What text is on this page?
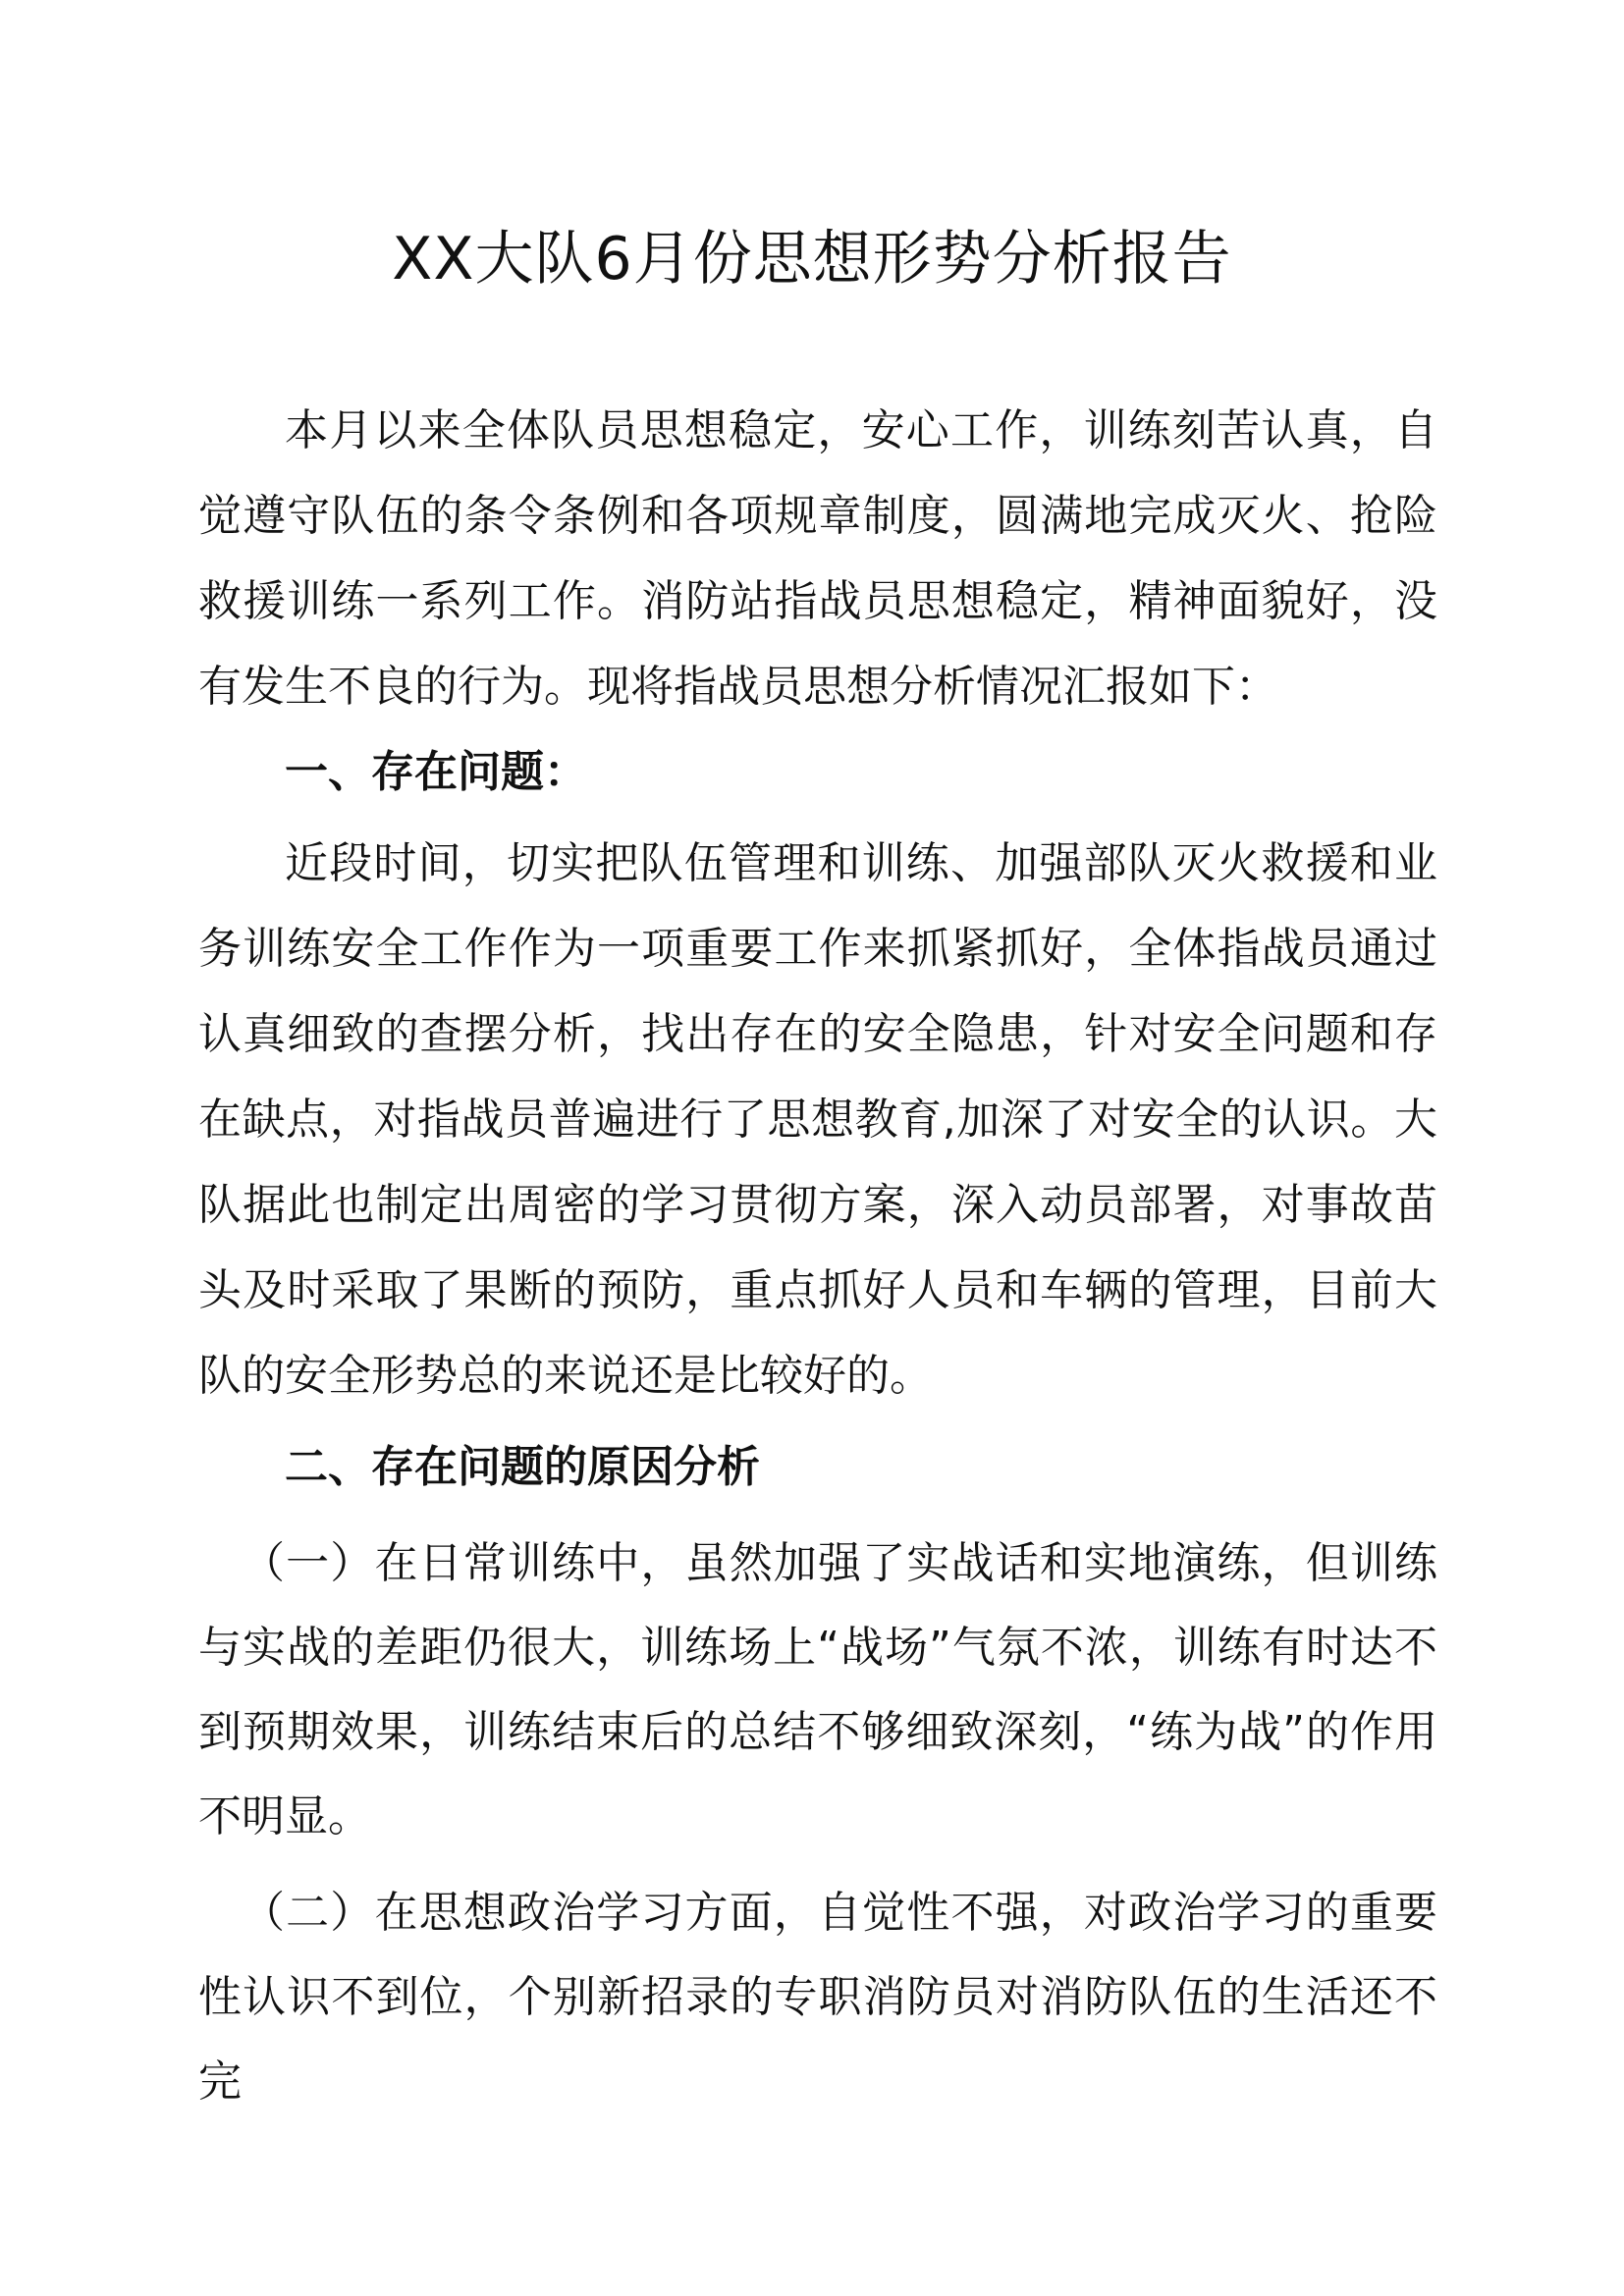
XX大队6月份思想形势分析报告

本月以来全体队员思想稳定，安心工作，训练刻苦认真，自觉遵守队伍的条令条例和各项规章制度，圆满地完成灭火、抢险救援训练一系列工作。消防站指战员思想稳定，精神面貌好，没有发生不良的行为。现将指战员思想分析情况汇报如下：

一、存在问题：

近段时间，切实把队伍管理和训练、加强部队灭火救援和业务训练安全工作作为一项重要工作来抓紧抓好，全体指战员通过认真细致的查摆分析，找出存在的安全隐患，针对安全问题和存在缺点，对指战员普遍进行了思想教育,加深了对安全的认识。大队据此也制定出周密的学习贯彻方案，深入动员部署，对事故苗头及时采取了果断的预防，重点抓好人员和车辆的管理，目前大队的安全形势总的来说还是比较好的。

二、存在问题的原因分析

（一）在日常训练中，虽然加强了实战话和实地演练，但训练与实战的差距仍很大，训练场上“战场”气氛不浓，训练有时达不到预期效果，训练结束后的总结不够细致深刻，“练为战”的作用不明显。

（二）在思想政治学习方面，自觉性不强，对政治学习的重要性认识不到位，个别新招录的专职消防员对消防队伍的生活还不完
